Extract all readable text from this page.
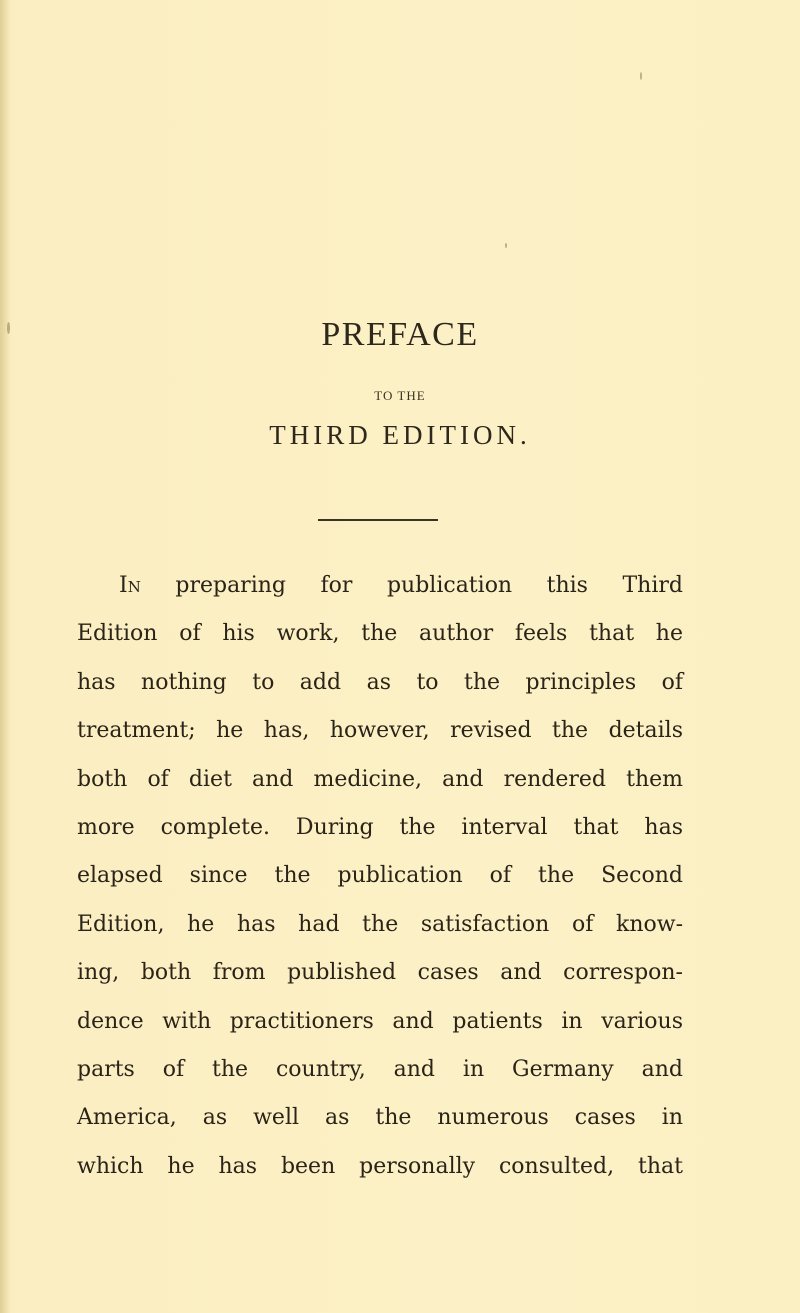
PREFACE
TO THE
THIRD EDITION.
In preparing for publication this Third
Edition of his work, the author feels that he
has nothing to add as to the principles of
treatment; he has, however, revised the details
both of diet and medicine, and rendered them
more complete. During the interval that has
elapsed since the publication of the Second
Edition, he has had the satisfaction of know-
ing, both from published cases and correspon-
dence with practitioners and patients in various
parts of the country, and in Germany and
America, as well as the numerous cases in
which he has been personally consulted, that
